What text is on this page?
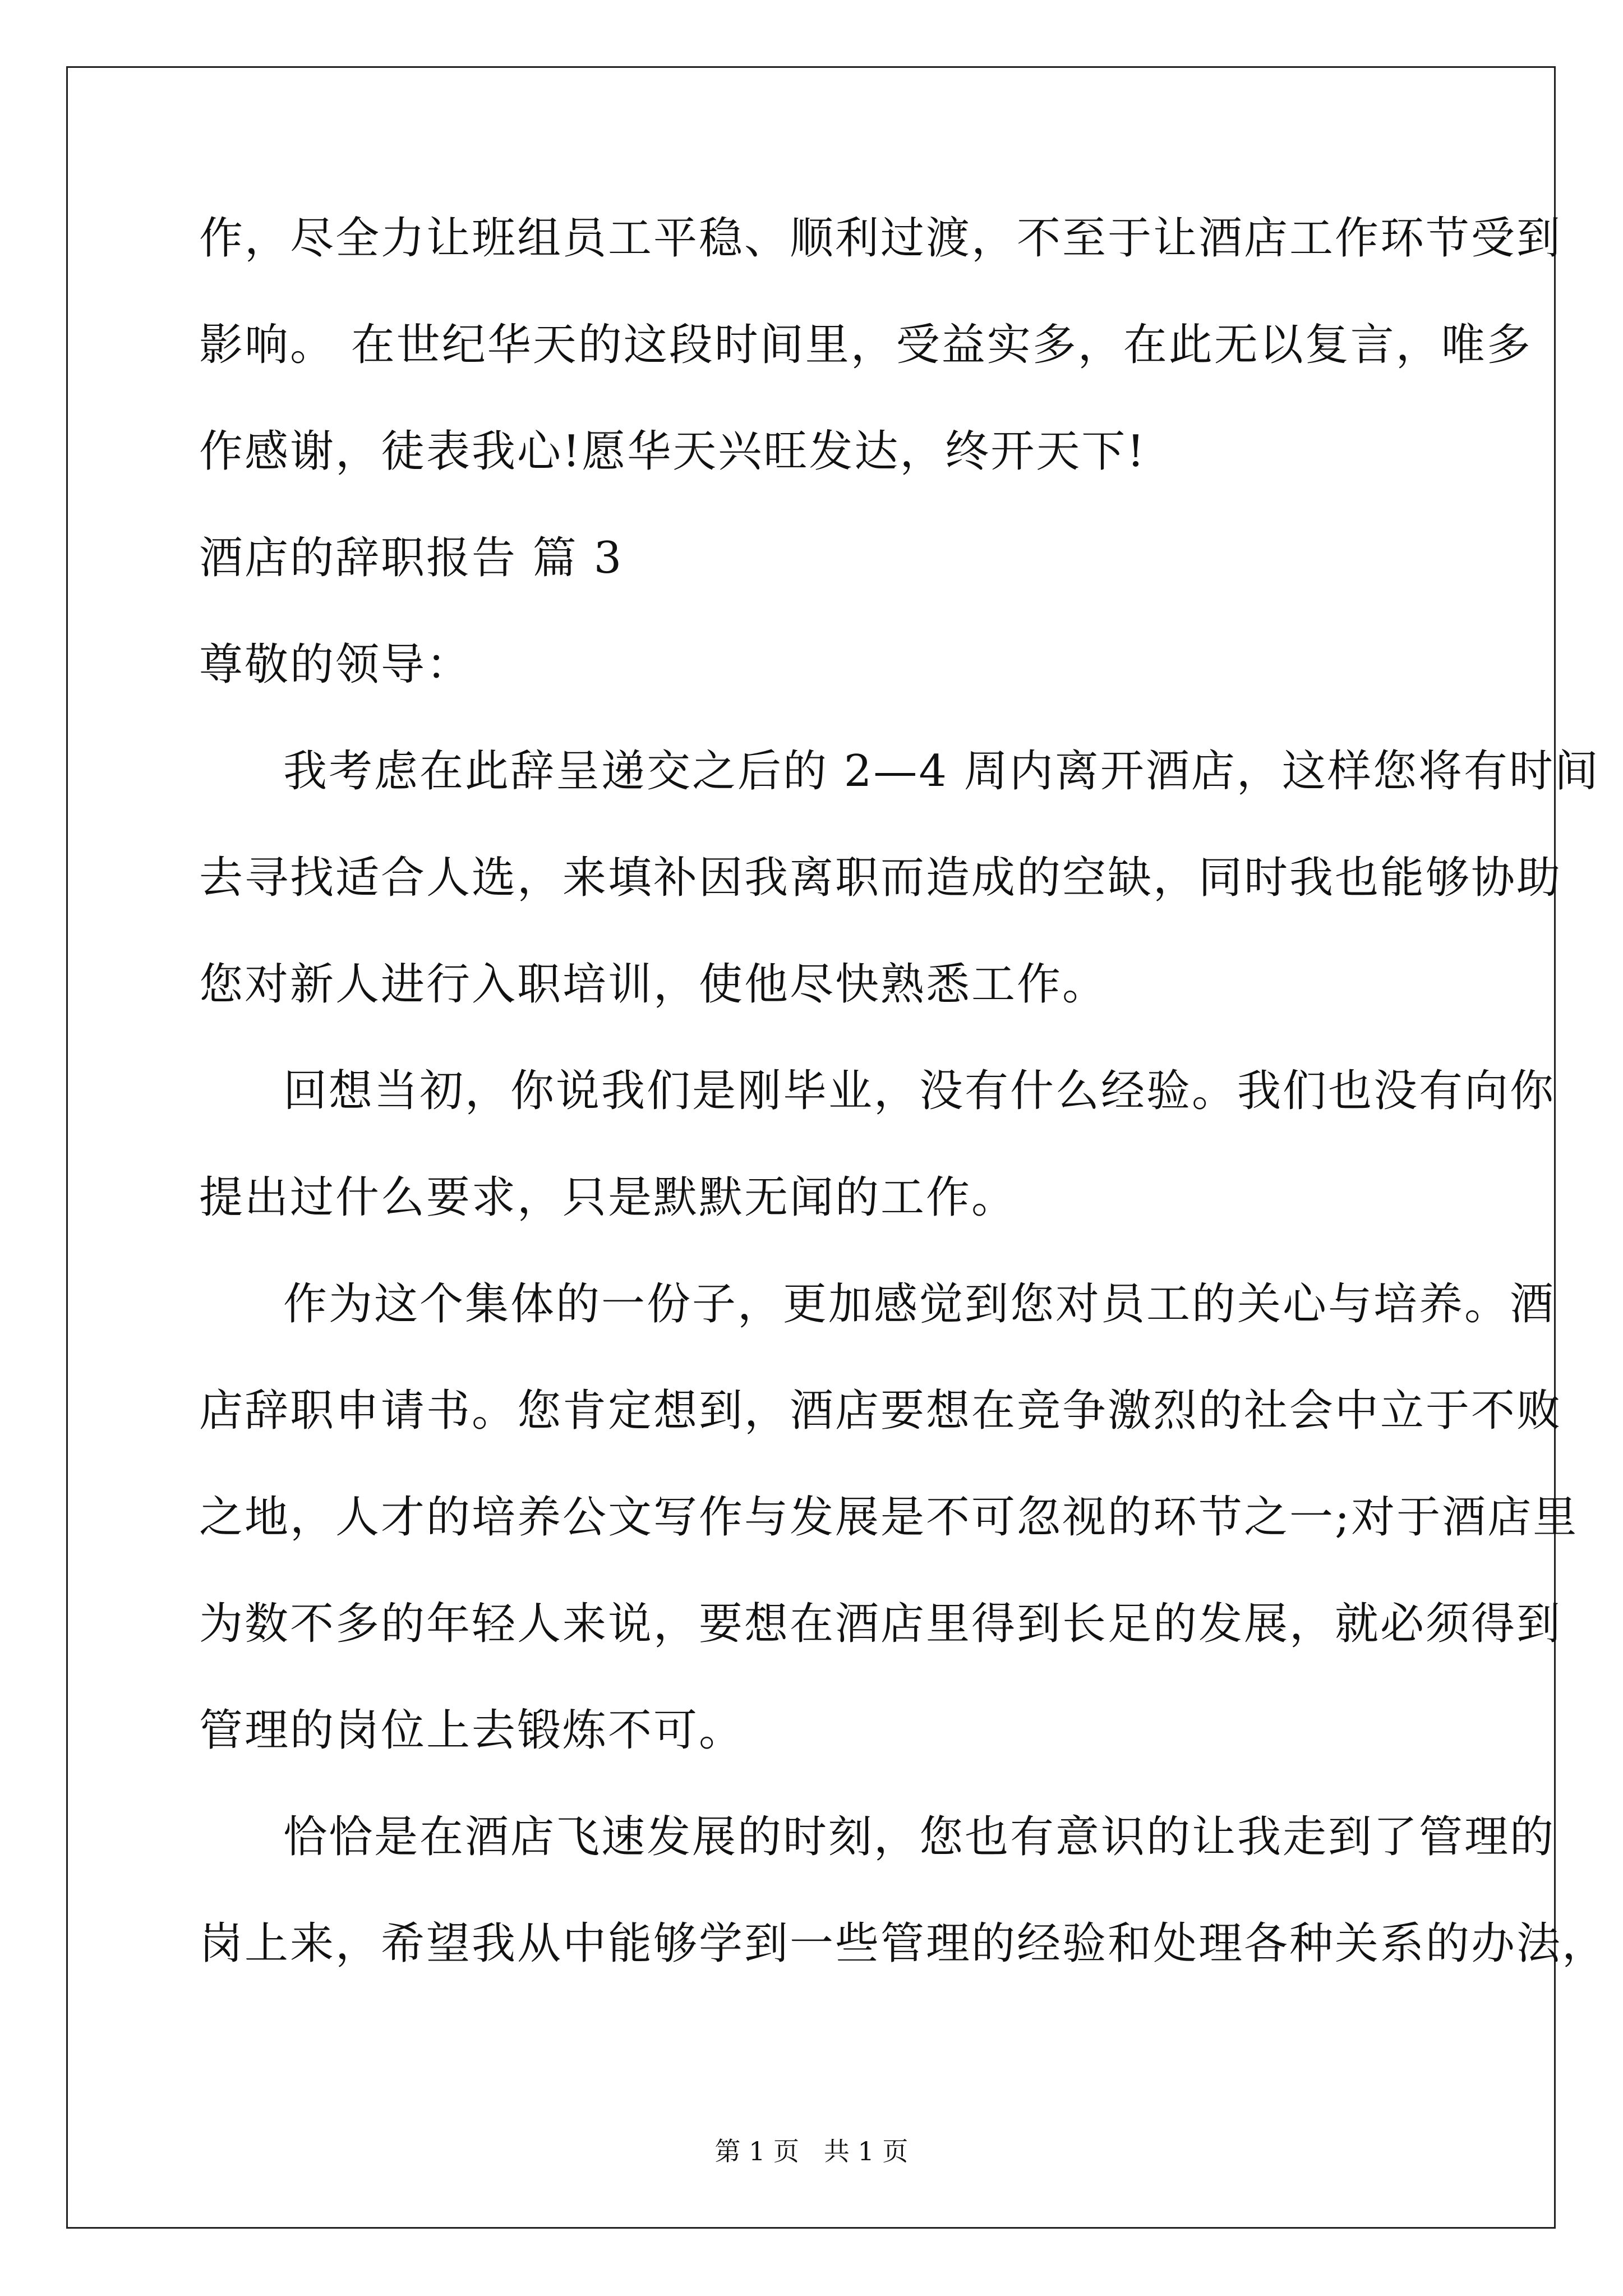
作，尽全力让班组员工平稳、顺利过渡，不至于让酒店工作环节受到

影响。 在世纪华天的这段时间里，受益实多，在此无以复言，唯多

作感谢，徒表我心!愿华天兴旺发达，终开天下!

酒店的辞职报告 篇 3

尊敬的领导：

我考虑在此辞呈递交之后的 2—4 周内离开酒店，这样您将有时间

去寻找适合人选，来填补因我离职而造成的空缺，同时我也能够协助

您对新人进行入职培训，使他尽快熟悉工作。

回想当初，你说我们是刚毕业，没有什么经验。我们也没有向你

提出过什么要求，只是默默无闻的工作。

作为这个集体的一份子，更加感觉到您对员工的关心与培养。酒

店辞职申请书。您肯定想到，酒店要想在竞争激烈的社会中立于不败

之地，人才的培养公文写作与发展是不可忽视的环节之一;对于酒店里

为数不多的年轻人来说，要想在酒店里得到长足的发展，就必须得到

管理的岗位上去锻炼不可。

恰恰是在酒店飞速发展的时刻，您也有意识的让我走到了管理的

岗上来，希望我从中能够学到一些管理的经验和处理各种关系的办法，

第 1 页   共 1 页
